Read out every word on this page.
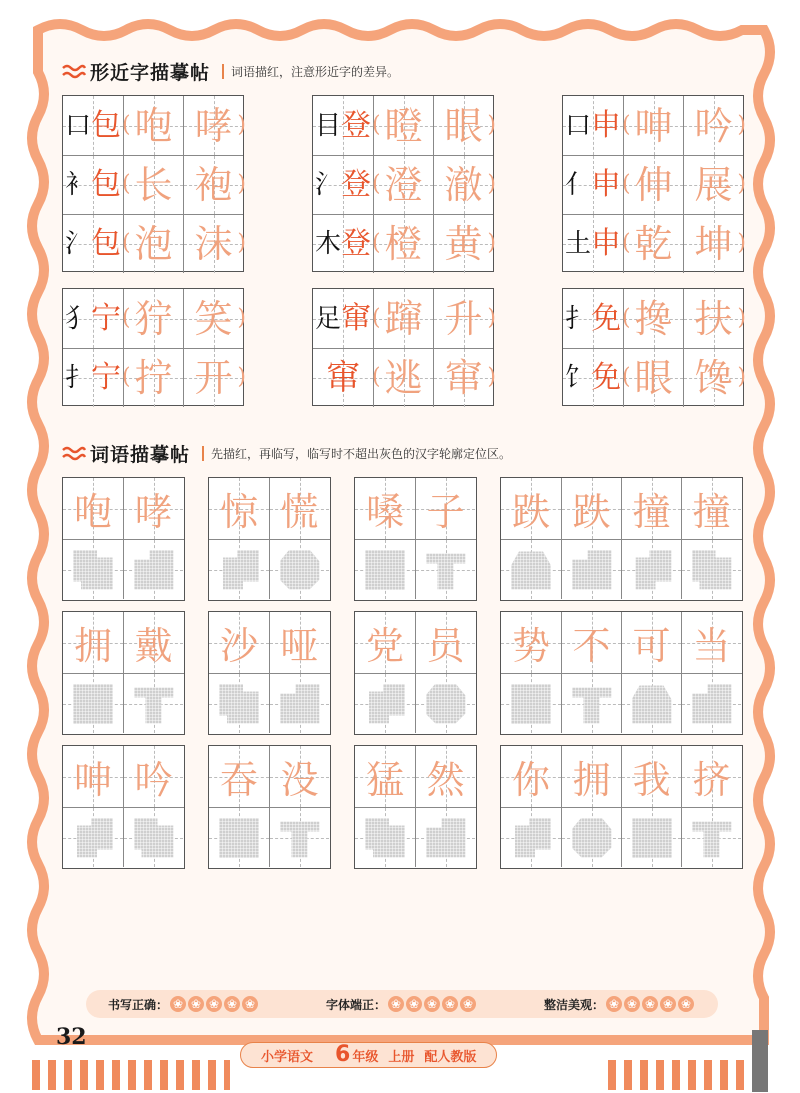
形近字描摹帖 词语描红，注意形近字的差异。
口 包 ( 咆 哮 )
衤 包 ( 长 袍 )
氵 包 ( 泡 沫 )
目 登 ( 瞪 眼 )
氵 登 ( 澄 澈 )
木 登 ( 橙 黄 )
口 申 ( 呻 吟 )
亻 申 ( 伸 展 )
土 申 ( 乾 坤 )
犭 宁 ( 狞 笑 )
扌 宁 ( 拧 开 )
足 窜 ( 蹿 升 )
窜 ( 逃 窜 )
扌 免 ( 搀 扶 )
饣 免 ( 眼 馋 )
词语描摹帖 先描红，再临写，临写时不超出灰色的汉字轮廓定位区。
咆 哮 惊 慌 嗓 子 跌 跌 撞 撞
拥 戴 沙 哑 党 员 势 不 可 当
呻 吟 吞 没 猛 然 你 拥 我 挤
书写正确： ❀ ❀ ❀ ❀ ❀	字体端正： ❀ ❀ ❀ ❀ ❀	整洁美观：
❀
❀
❀
❀
❀
32
小学语文 6 年级 上册 配人教版
